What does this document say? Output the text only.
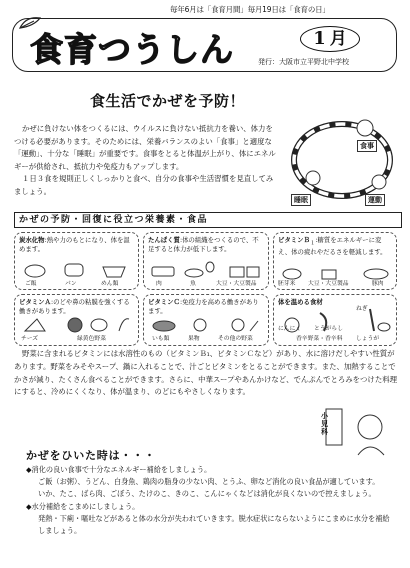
毎年6月は「食育月間」毎月19日は「食育の日」
食育つうしん	1 月
発行：大阪市立平野北中学校
食生活でかぜを予防！

かぜに負けない体をつくるには、ウイルスに負けない抵抗力を養い、体力をつける必要があります。そのためには、栄養バランスのよい「食事」と適度な「運動」、十分な「睡眠」が重要です。食事をとると体温が上がり、体にエネルギーが供給され、抵抗力や免疫力もアップします。

１日３食を規則正しくしっかりと食べ、自分の食事や生活習慣を見直してみましょう。

食事
睡眠	運動
かぜの予防・回復に役立つ栄養素・食品
炭水化物:熱や力のもとになり、体を温めます。
ご飯	パン	めん類
たんぱく質:体の組織をつくるので、不足すると体力が低下します。
肉	魚	大豆・大豆製品
ビタミンＢ$_1$:糖質をエネルギーに変え、体の疲れやだるさを軽減します。
胚芽米 大豆・大豆製品	豚肉
ビタミンＡ:のどや鼻の粘膜を強くする働きがあります。
チーズ	緑黄色野菜
ビタミンＣ:免疫力を高める働きがあります。
いも類	果物	その他の野菜
体を温める食材
ねぎ
にんにく とうがらし
香辛野菜・香辛料 しょうが

野菜に含まれるビタミンには水溶性のもの（ビタミンＢ₁、ビタミンＣなど）があり、水に溶けだしやすい性質があります。野菜をみそやスープ、鍋に入れることで、汁ごとビタミンをとることができます。また、加熱することでかさが減り、たくさん食べることができます。さらに、中華スープやあんかけなど、でんぷんでとろみをつけた料理にすると、冷めにくくなり、体が温まり、のどにもやさしくなります。

小児科
かぜをひいた時は・・・

◆消化の良い食事で十分なエネルギー補給をしましょう。

ご飯（お粥）、うどん、白身魚、鶏肉の脂身の少ない肉、とうふ、卵など消化の良い食品が適しています。

いか、たこ、ばら肉、ごぼう、たけのこ、きのこ、こんにゃくなどは消化が良くないので控えましょう。

◆水分補給をこまめにしましょう。

発熱・下痢・嘔吐などがあると体の水分が失われていきます。脱水症状にならないようにこまめに水分を補給しましょう。
